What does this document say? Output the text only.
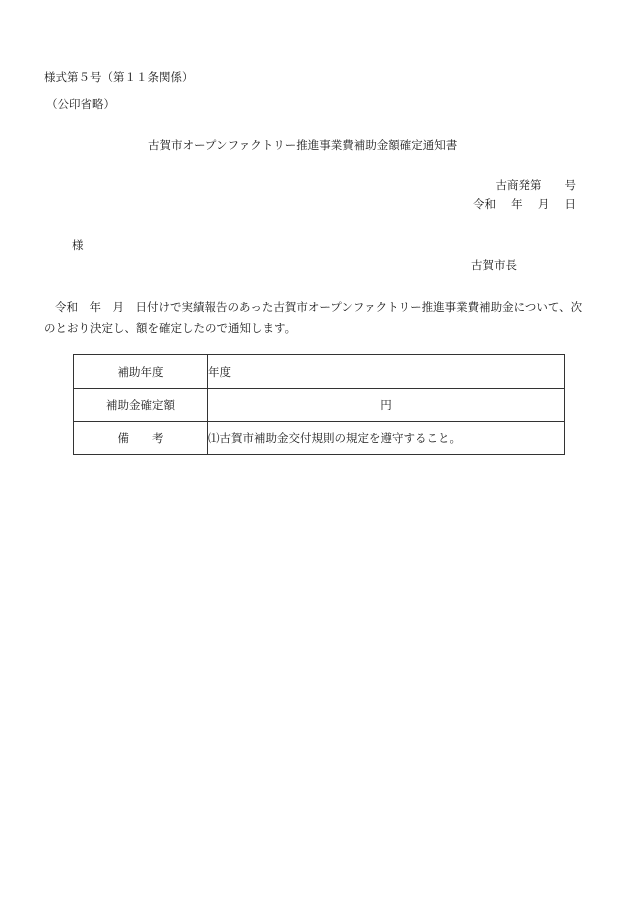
様式第５号（第１１条関係）
（公印省略）
古賀市オープンファクトリー推進事業費補助金額確定通知書
古商発第　　号
令和　 年 　月 　日
様
古賀市長
令和　年　月　日付けで実績報告のあった古賀市オープンファクトリー推進事業費補助金について、次のとおり決定し、額を確定したので通知します。
補助年度	年度
補助金確定額	円
備　　考	⑴古賀市補助金交付規則の規定を遵守すること。
